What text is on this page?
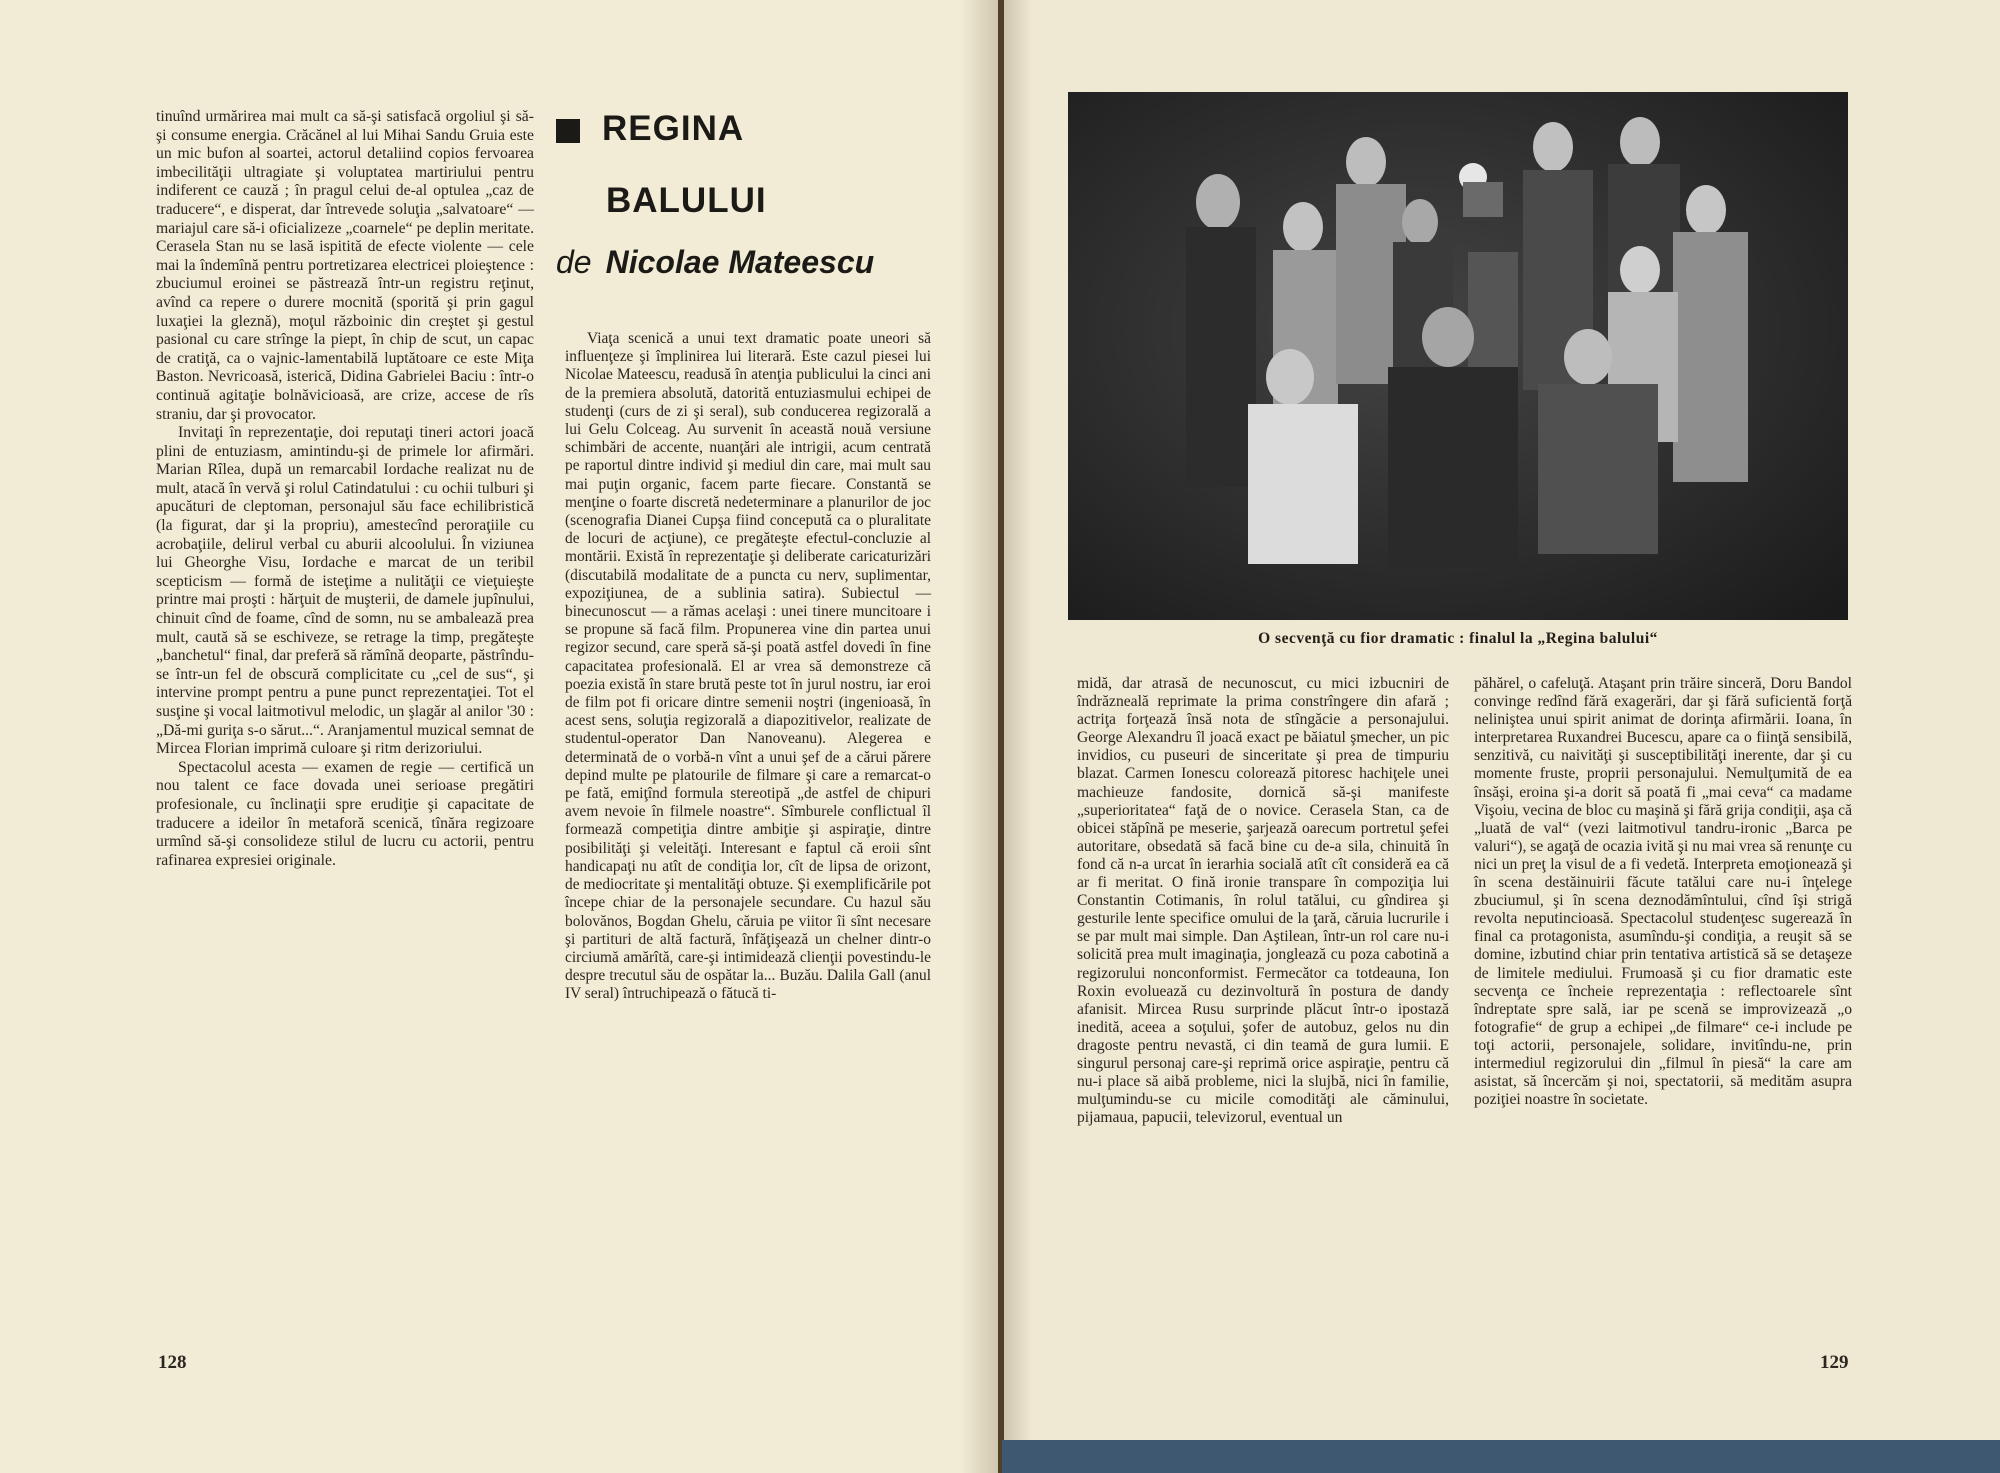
tinuînd urmărirea mai mult ca să-şi satisfacă orgoliul şi să-şi consume energia. Crăcănel al lui Mihai Sandu Gruia este un mic bufon al soartei, actorul detaliind copios fervoarea imbecilităţii ultragiate şi voluptatea martiriului pentru indiferent ce cauză ; în pragul celui de-al optulea „caz de traducere“, e disperat, dar întrevede soluţia „salvatoare“ — mariajul care să-i oficializeze „coarnele“ pe deplin meritate. Cerasela Stan nu se lasă ispitită de efecte violente — cele mai la îndemînă pentru portretizarea electricei ploieştence : zbuciumul eroinei se păstrează într-un registru reţinut, avînd ca repere o durere mocnită (sporită şi prin gagul luxaţiei la gleznă), moţul războinic din creştet şi gestul pasional cu care strînge la piept, în chip de scut, un capac de cratiţă, ca o vajnic-lamentabilă luptătoare ce este Miţa Baston. Nevricoasă, isterică, Didina Gabrielei Baciu : într-o continuă agitaţie bolnăvicioasă, are crize, accese de rîs straniu, dar şi provocator.

Invitaţi în reprezentaţie, doi reputaţi tineri actori joacă plini de entuziasm, amintindu-şi de primele lor afirmări. Marian Rîlea, după un remarcabil Iordache realizat nu de mult, atacă în vervă şi rolul Catindatului : cu ochii tulburi şi apucături de cleptoman, personajul său face echilibristică (la figurat, dar şi la propriu), amestecînd peroraţiile cu acrobaţiile, delirul verbal cu aburii alcoolului. În viziunea lui Gheorghe Visu, Iordache e marcat de un teribil scepticism — formă de isteţime a nulităţii ce vieţuieşte printre mai proşti : hărţuit de muşterii, de damele jupînului, chinuit cînd de foame, cînd de somn, nu se ambalează prea mult, caută să se eschiveze, se retrage la timp, pregăteşte „banchetul“ final, dar preferă să rămînă deoparte, păstrîndu-se într-un fel de obscură complicitate cu „cel de sus“, şi intervine prompt pentru a pune punct reprezentaţiei. Tot el susţine şi vocal laitmotivul melodic, un şlagăr al anilor '30 : „Dă-mi guriţa s-o sărut...“. Aranjamentul muzical semnat de Mircea Florian imprimă culoare şi ritm derizoriului.

Spectacolul acesta — examen de regie — certifică un nou talent ce face dovada unei serioase pregătiri profesionale, cu înclinaţii spre erudiţie şi capacitate de traducere a ideilor în metaforă scenică, tînăra regizoare urmînd să-şi consolideze stilul de lucru cu actorii, pentru rafinarea expresiei originale.

REGINA
BALULUI
de Nicolae Mateescu

Viaţa scenică a unui text dramatic poate uneori să influenţeze şi împlinirea lui literară. Este cazul piesei lui Nicolae Mateescu, readusă în atenţia publicului la cinci ani de la premiera absolută, datorită entuziasmului echipei de studenţi (curs de zi şi seral), sub conducerea regizorală a lui Gelu Colceag. Au survenit în această nouă versiune schimbări de accente, nuanţări ale intrigii, acum centrată pe raportul dintre individ şi mediul din care, mai mult sau mai puţin organic, facem parte fiecare. Constantă se menţine o foarte discretă nedeterminare a planurilor de joc (scenografia Dianei Cupşa fiind concepută ca o pluralitate de locuri de acţiune), ce pregăteşte efectul-concluzie al montării. Există în reprezentaţie şi deliberate caricaturizări (discutabilă modalitate de a puncta cu nerv, suplimentar, expoziţiunea, de a sublinia satira). Subiectul — binecunoscut — a rămas acelaşi : unei tinere muncitoare i se propune să facă film. Propunerea vine din partea unui regizor secund, care speră să-şi poată astfel dovedi în fine capacitatea profesională. El ar vrea să demonstreze că poezia există în stare brută peste tot în jurul nostru, iar eroi de film pot fi oricare dintre semenii noştri (ingenioasă, în acest sens, soluţia regizorală a diapozitivelor, realizate de studentul-operator Dan Nanoveanu). Alegerea e determinată de o vorbă-n vînt a unui şef de a cărui părere depind multe pe platourile de filmare şi care a remarcat-o pe fată, emiţînd formula stereotipă „de astfel de chipuri avem nevoie în filmele noastre“. Sîmburele conflictual îl formează competiţia dintre ambiţie şi aspiraţie, dintre posibilităţi şi veleităţi. Interesant e faptul că eroii sînt handicapaţi nu atît de condiţia lor, cît de lipsa de orizont, de mediocritate şi mentalităţi obtuze. Şi exemplificările pot începe chiar de la personajele secundare. Cu hazul său bolovănos, Bogdan Ghelu, căruia pe viitor îi sînt necesare şi partituri de altă factură, înfăţişează un chelner dintr-o circiumă amărîtă, care-şi intimidează clienţii povestindu-le despre trecutul său de ospătar la... Buzău. Dalila Gall (anul IV seral) întruchipează o fătucă ti-

128

midă, dar atrasă de necunoscut, cu mici izbucniri de îndrăzneală reprimate la prima constrîngere din afară ; actriţa forţează însă nota de stîngăcie a personajului. George Alexandru îl joacă exact pe băiatul şmecher, un pic invidios, cu puseuri de sinceritate şi prea de timpuriu blazat. Carmen Ionescu colorează pitoresc hachiţele unei machieuze fandosite, dornică să-şi manifeste „superioritatea“ faţă de o novice. Cerasela Stan, ca de obicei stăpînă pe meserie, şarjează oarecum portretul şefei autoritare, obsedată să facă bine cu de-a sila, chinuită în fond că n-a urcat în ierarhia socială atît cît consideră ea că ar fi meritat. O fină ironie transpare în compoziţia lui Constantin Cotimanis, în rolul tatălui, cu gîndirea şi gesturile lente specifice omului de la ţară, căruia lucrurile i se par mult mai simple. Dan Aştilean, într-un rol care nu-i solicită prea mult imaginaţia, jonglează cu poza cabotină a regizorului nonconformist. Fermecător ca totdeauna, Ion Roxin evoluează cu dezinvoltură în postura de dandy afanisit. Mircea Rusu surprinde plăcut într-o ipostază inedită, aceea a soţului, şofer de autobuz, gelos nu din dragoste pentru nevastă, ci din teamă de gura lumii. E singurul personaj care-şi reprimă orice aspiraţie, pentru că nu-i place să aibă probleme, nici la slujbă, nici în familie, mulţumindu-se cu micile comodităţi ale căminului, pijamaua, papucii, televizorul, eventual un

păhărel, o cafeluţă. Ataşant prin trăire sinceră, Doru Bandol convinge redînd fără exagerări, dar şi fără suficientă forţă neliniştea unui spirit animat de dorinţa afirmării. Ioana, în interpretarea Ruxandrei Bucescu, apare ca o fiinţă sensibilă, senzitivă, cu naivităţi şi susceptibilităţi inerente, dar şi cu momente fruste, proprii personajului. Nemulţumită de ea însăşi, eroina şi-a dorit să poată fi „mai ceva“ ca madame Vişoiu, vecina de bloc cu maşină şi fără grija condiţii, aşa că „luată de val“ (vezi laitmotivul tandru-ironic „Barca pe valuri“), se agaţă de ocazia ivită şi nu mai vrea să renunţe cu nici un preţ la visul de a fi vedetă. Interpreta emoţionează şi în scena destăinuirii făcute tatălui care nu-i înţelege zbuciumul, şi în scena deznodămîntului, cînd îşi strigă revolta neputincioasă. Spectacolul studenţesc sugerează în final ca protagonista, asumîndu-şi condiţia, a reuşit să se domine, izbutind chiar prin tentativa artistică să se detaşeze de limitele mediului. Frumoasă şi cu fior dramatic este secvenţa ce încheie reprezentaţia : reflectoarele sînt îndreptate spre sală, iar pe scenă se improvizează „o fotografie“ de grup a echipei „de filmare“ ce-i include pe toţi actorii, personajele, solidare, invitîndu-ne, prin intermediul regizorului din „filmul în piesă“ la care am asistat, să încercăm şi noi, spectatorii, să medităm asupra poziţiei noastre în societate.

129
O secvenţă cu fior dramatic : finalul la „Regina balului“
